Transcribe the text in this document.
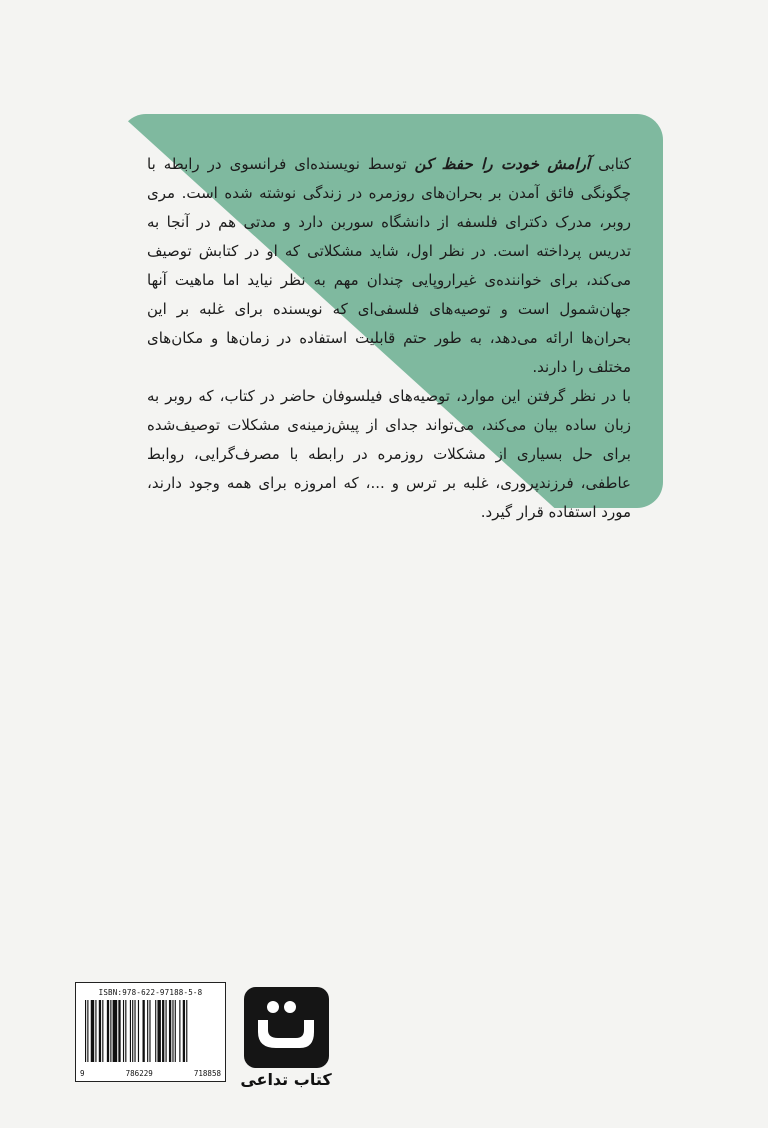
کتابی آرامش خودت را حفظ کن توسط نویسنده‌ای فرانسوی در رابطه با چگونگی فائق آمدن بر بحران‌های روزمره در زندگی نوشته شده است. مری روبر، مدرک دکترای فلسفه از دانشگاه سوربن دارد و مدتی هم در آنجا به تدریس پرداخته است. در نظر اول، شاید مشکلاتی که او در کتابش توصیف می‌کند، برای خواننده‌ی غیراروپایی چندان مهم به نظر نیاید اما ماهیت آنها جهان‌شمول است و توصیه‌های فلسفی‌ای که نویسنده برای غلبه بر این بحران‌ها ارائه می‌دهد، به طور حتم قابلیت استفاده در زمان‌ها و مکان‌های مختلف را دارند.

با در نظر گرفتن این موارد، توصیه‌های فیلسوفان حاضر در کتاب، که روبر به زبان ساده بیان می‌کند، می‌تواند جدای از پیش‌زمینه‌ی مشکلات توصیف‌شده برای حل بسیاری از مشکلات روزمره در رابطه با مصرف‌گرایی، روابط عاطفی، فرزندپروری، غلبه بر ترس و ...، که امروزه برای همه وجود دارند، مورد استفاده قرار گیرد.

ISBN:978-622-97188-5-8
9	786229	718858	کتاب تداعی
